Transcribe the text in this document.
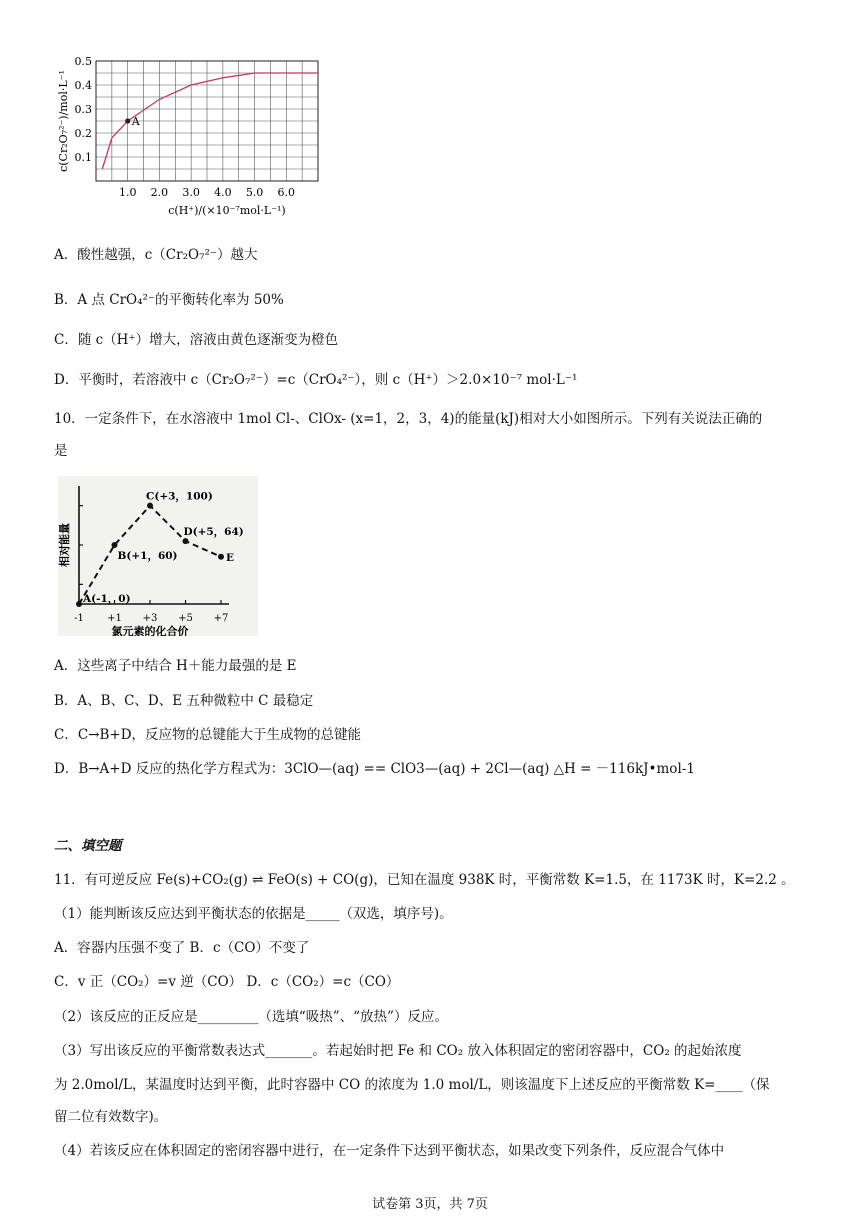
0.5
0.4
0.3
0.2
0.1
1.0 2.0 3.0 4.0 5.0 6.0
c(Cr₂O₇²⁻)/mol·L⁻¹
c(H⁺)/(×10⁻⁷mol·L⁻¹)
A
A．酸性越强，c（Cr₂O₇²⁻）越大
B．A 点 CrO₄²⁻的平衡转化率为 50%
C．随 c（H⁺）增大，溶液由黄色逐渐变为橙色
D．平衡时，若溶液中 c（Cr₂O₇²⁻）=c（CrO₄²⁻），则 c（H⁺）＞2.0×10⁻⁷ mol·L⁻¹
10．一定条件下，在水溶液中 1mol Cl-、ClOx- (x=1，2，3，4)的能量(kJ)相对大小如图所示。下列有关说法正确的
是
-1 +1 +3 +5 +7
氯元素的化合价
相对能量
A(-1，0)
B(+1，60)
C(+3，100)
D(+5，64)
E
A．这些离子中结合 H＋能力最强的是 E
B．A、B、C、D、E 五种微粒中 C 最稳定
C．C→B+D，反应物的总键能大于生成物的总键能
D．B→A+D 反应的热化学方程式为：3ClO—(aq) == ClO3—(aq) + 2Cl—(aq) △H = －116kJ•mol-1
二、填空题
11．有可逆反应 Fe(s)+CO₂(g) ⇌ FeO(s) + CO(g)，已知在温度 938K 时，平衡常数 K=1.5，在 1173K 时，K=2.2 。
（1）能判断该反应达到平衡状态的依据是_____（双选，填序号)。
A．容器内压强不变了 B．c（CO）不变了
C．v 正（CO₂）=v 逆（CO） D．c（CO₂）=c（CO）
（2）该反应的正反应是_________（选填“吸热”、“放热”）反应。
（3）写出该反应的平衡常数表达式_______。若起始时把 Fe 和 CO₂ 放入体积固定的密闭容器中，CO₂ 的起始浓度
为 2.0mol/L，某温度时达到平衡，此时容器中 CO 的浓度为 1.0 mol/L，则该温度下上述反应的平衡常数 K=____（保
留二位有效数字)。
（4）若该反应在体积固定的密闭容器中进行，在一定条件下达到平衡状态，如果改变下列条件，反应混合气体中
试卷第 3页，共 7页
